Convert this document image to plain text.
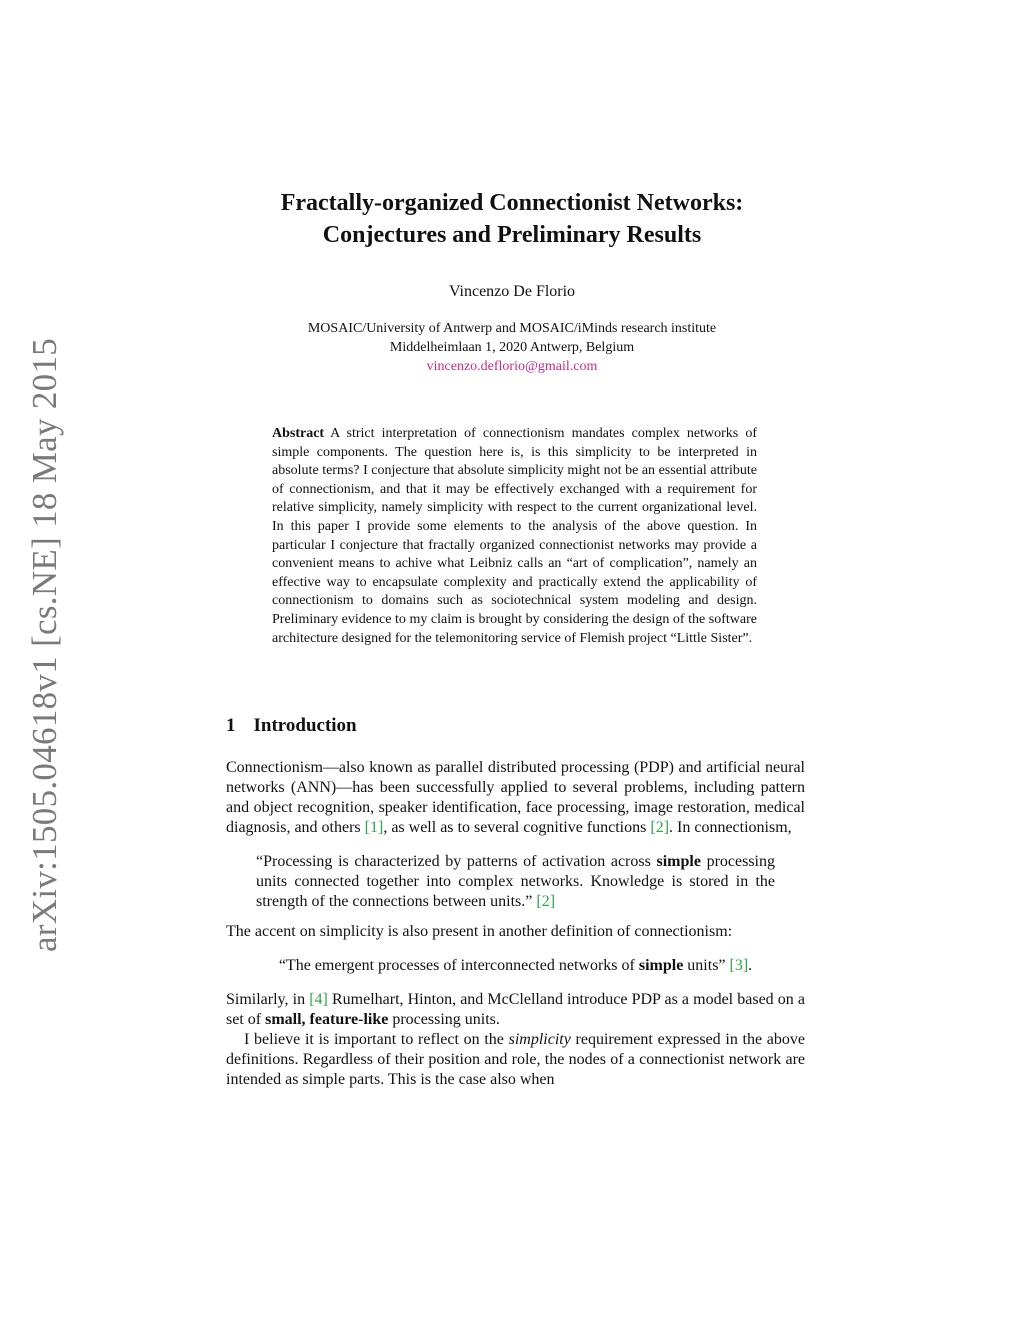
arXiv:1505.04618v1 [cs.NE] 18 May 2015
Fractally-organized Connectionist Networks:
Conjectures and Preliminary Results
Vincenzo De Florio
MOSAIC/University of Antwerp and MOSAIC/iMinds research institute
Middelheimlaan 1, 2020 Antwerp, Belgium
vincenzo.deflorio@gmail.com

Abstract A strict interpretation of connectionism mandates complex networks of simple components. The question here is, is this simplicity to be interpreted in absolute terms? I conjecture that absolute simplicity might not be an essential attribute of connectionism, and that it may be effectively exchanged with a requirement for relative simplicity, namely simplicity with respect to the current organizational level. In this paper I provide some elements to the analysis of the above question. In particular I conjecture that fractally organized connectionist networks may provide a convenient means to achive what Leibniz calls an “art of complication”, namely an effective way to encapsulate complexity and practically extend the applicability of connectionism to domains such as sociotechnical system modeling and design. Preliminary evidence to my claim is brought by considering the design of the software architecture designed for the telemonitoring service of Flemish project “Little Sister”.

1 Introduction

Connectionism—also known as parallel distributed processing (PDP) and artificial neural networks (ANN)—has been successfully applied to several problems, including pattern and object recognition, speaker identification, face processing, image restoration, medical diagnosis, and others [1], as well as to several cognitive functions [2]. In connectionism,

“Processing is characterized by patterns of activation across simple processing units connected together into complex networks. Knowledge is stored in the strength of the connections between units.” [2]

The accent on simplicity is also present in another definition of connectionism:

“The emergent processes of interconnected networks of simple units” [3].

Similarly, in [4] Rumelhart, Hinton, and McClelland introduce PDP as a model based on a set of small, feature-like processing units.

I believe it is important to reflect on the simplicity requirement expressed in the above definitions. Regardless of their position and role, the nodes of a connectionist network are intended as simple parts. This is the case also when
